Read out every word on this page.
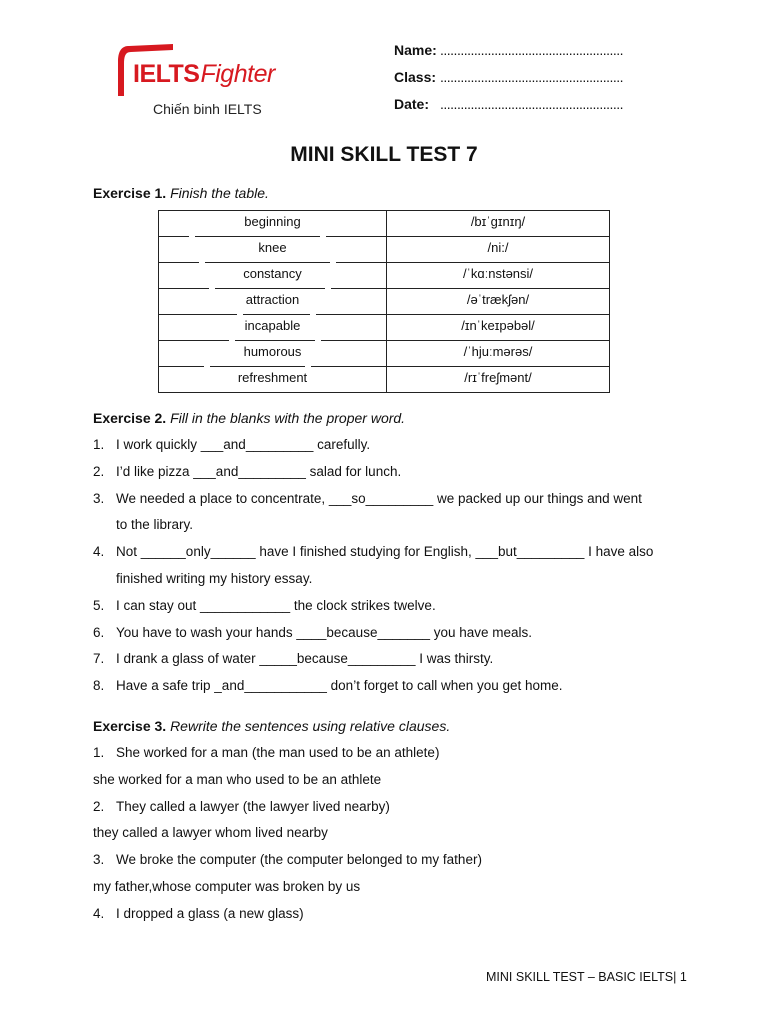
IELTSFighter
Chiến binh IELTS
Name: ......................................................
Class: ......................................................
Date: ......................................................
MINI SKILL TEST 7
Exercise 1. Finish the table.
beginning	/bɪˈɡɪnɪŋ/
knee	/ni:/
constancy	/ˈkɑːnstənsi/
attraction	/əˈtrækʃən/
incapable	/ɪnˈkeɪpəbəl/
humorous	/ˈhjuːmərəs/
refreshment	/rɪˈfreʃmənt/
Exercise 2. Fill in the blanks with the proper word.
1. I work quickly ___and_________ carefully.
2. I’d like pizza ___and_________ salad for lunch.
3. We needed a place to concentrate, ___so_________ we packed up our things and went
to the library.
4. Not ______only______ have I finished studying for English, ___but_________ I have also
finished writing my history essay.
5. I can stay out ____________ the clock strikes twelve.
6. You have to wash your hands ____because_______ you have meals.
7. I drank a glass of water _____because_________ I was thirsty.
8. Have a safe trip _and___________ don’t forget to call when you get home.
Exercise 3. Rewrite the sentences using relative clauses.
1. She worked for a man (the man used to be an athlete)
she worked for a man who used to be an athlete
2. They called a lawyer (the lawyer lived nearby)
they called a lawyer whom lived nearby
3. We broke the computer (the computer belonged to my father)
my father,whose computer was broken by us
4. I dropped a glass (a new glass)
MINI SKILL TEST – BASIC IELTS| 1
